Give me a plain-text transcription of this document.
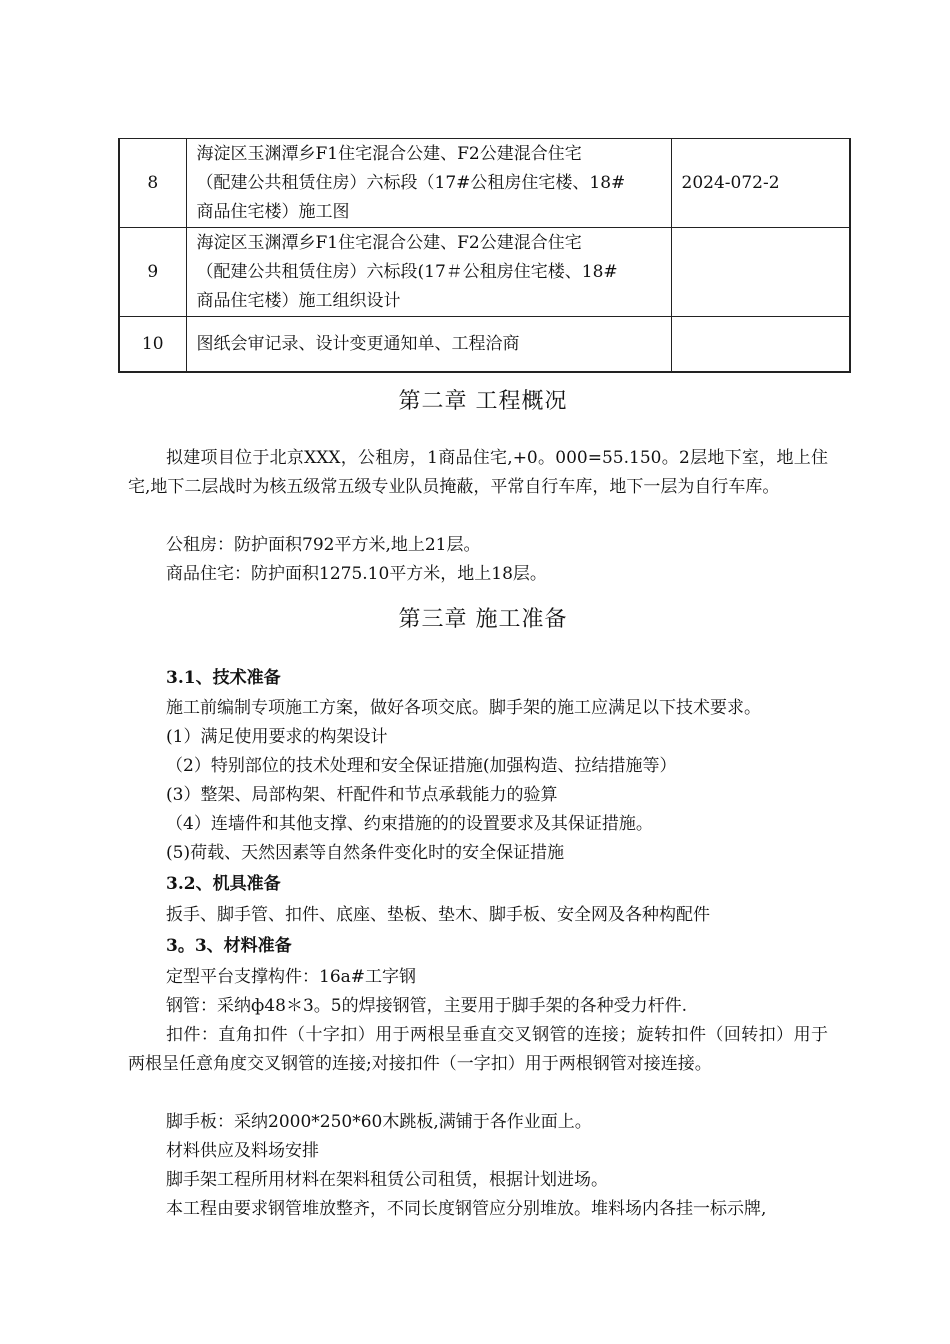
8	海淀区玉渊潭乡F1住宅混合公建、F2公建混合住宅
（配建公共租赁住房）六标段（17#公租房住宅楼、18#
商品住宅楼）施工图	2024-072-2
9	海淀区玉渊潭乡F1住宅混合公建、F2公建混合住宅
（配建公共租赁住房）六标段(17＃公租房住宅楼、18#
商品住宅楼）施工组织设计	

10	图纸会审记录、设计变更通知单、工程洽商	

第二章 工程概况

拟建项目位于北京XXX，公租房，1商品住宅,+0。000=55.150。2层地下室，地上住宅,地下二层战时为核五级常五级专业队员掩蔽，平常自行车库，地下一层为自行车库。

公租房：防护面积792平方米,地上21层。

商品住宅：防护面积1275.10平方米，地上18层。

第三章 施工准备

3.1、技术准备

施工前编制专项施工方案，做好各项交底。脚手架的施工应满足以下技术要求。

(1）满足使用要求的构架设计

（2）特别部位的技术处理和安全保证措施(加强构造、拉结措施等）

(3）整架、局部构架、杆配件和节点承载能力的验算

（4）连墙件和其他支撑、约束措施的的设置要求及其保证措施。

(5)荷载、天然因素等自然条件变化时的安全保证措施

3.2、机具准备

扳手、脚手管、扣件、底座、垫板、垫木、脚手板、安全网及各种构配件

3。3、材料准备

定型平台支撑构件：16a#工字钢

钢管：采纳ф48＊3。5的焊接钢管，主要用于脚手架的各种受力杆件.

扣件：直角扣件（十字扣）用于两根呈垂直交叉钢管的连接；旋转扣件（回转扣）用于两根呈任意角度交叉钢管的连接;对接扣件（一字扣）用于两根钢管对接连接。

脚手板：采纳2000*250*60木跳板,满铺于各作业面上。

材料供应及料场安排

脚手架工程所用材料在架料租赁公司租赁，根据计划进场。

本工程由要求钢管堆放整齐，不同长度钢管应分别堆放。堆料场内各挂一标示牌,
